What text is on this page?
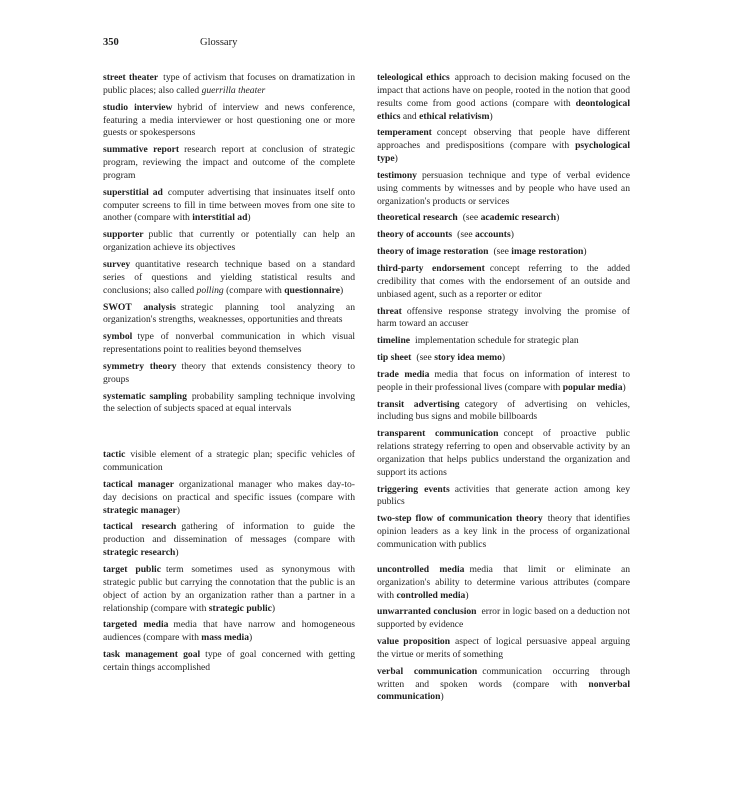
350	Glossary
street theater type of activism that focuses on dramatization in public places; also called guerrilla theater
studio interview hybrid of interview and news conference, featuring a media interviewer or host questioning one or more guests or spokespersons
summative report research report at conclusion of strategic program, reviewing the impact and outcome of the complete program
superstitial ad computer advertising that insinuates itself onto computer screens to fill in time between moves from one site to another (compare with interstitial ad)
supporter public that currently or potentially can help an organization achieve its objectives
survey quantitative research technique based on a standard series of questions and yielding statistical results and conclusions; also called polling (compare with questionnaire)
SWOT analysis strategic planning tool analyzing an organization's strengths, weaknesses, opportunities and threats
symbol type of nonverbal communication in which visual representations point to realities beyond themselves
symmetry theory theory that extends consistency theory to groups
systematic sampling probability sampling technique involving the selection of subjects spaced at equal intervals
tactic visible element of a strategic plan; specific vehicles of communication
tactical manager organizational manager who makes day-to-day decisions on practical and specific issues (compare with strategic manager)
tactical research gathering of information to guide the production and dissemination of messages (compare with strategic research)
target public term sometimes used as synonymous with strategic public but carrying the connotation that the public is an object of action by an organization rather than a partner in a relationship (compare with strategic public)
targeted media media that have narrow and homogeneous audiences (compare with mass media)
task management goal type of goal concerned with getting certain things accomplished
teleological ethics approach to decision making focused on the impact that actions have on people, rooted in the notion that good results come from good actions (compare with deontological ethics and ethical relativism)
temperament concept observing that people have different approaches and predispositions (compare with psychological type)
testimony persuasion technique and type of verbal evidence using comments by witnesses and by people who have used an organization's products or services
theoretical research (see academic research)
theory of accounts (see accounts)
theory of image restoration (see image restoration)
third-party endorsement concept referring to the added credibility that comes with the endorsement of an outside and unbiased agent, such as a reporter or editor
threat offensive response strategy involving the promise of harm toward an accuser
timeline implementation schedule for strategic plan
tip sheet (see story idea memo)
trade media media that focus on information of interest to people in their professional lives (compare with popular media)
transit advertising category of advertising on vehicles, including bus signs and mobile billboards
transparent communication concept of proactive public relations strategy referring to open and observable activity by an organization that helps publics understand the organization and support its actions
triggering events activities that generate action among key publics
two-step flow of communication theory theory that identifies opinion leaders as a key link in the process of organizational communication with publics
uncontrolled media media that limit or eliminate an organization's ability to determine various attributes (compare with controlled media)
unwarranted conclusion error in logic based on a deduction not supported by evidence
value proposition aspect of logical persuasive appeal arguing the virtue or merits of something
verbal communication communication occurring through written and spoken words (compare with nonverbal communication)
